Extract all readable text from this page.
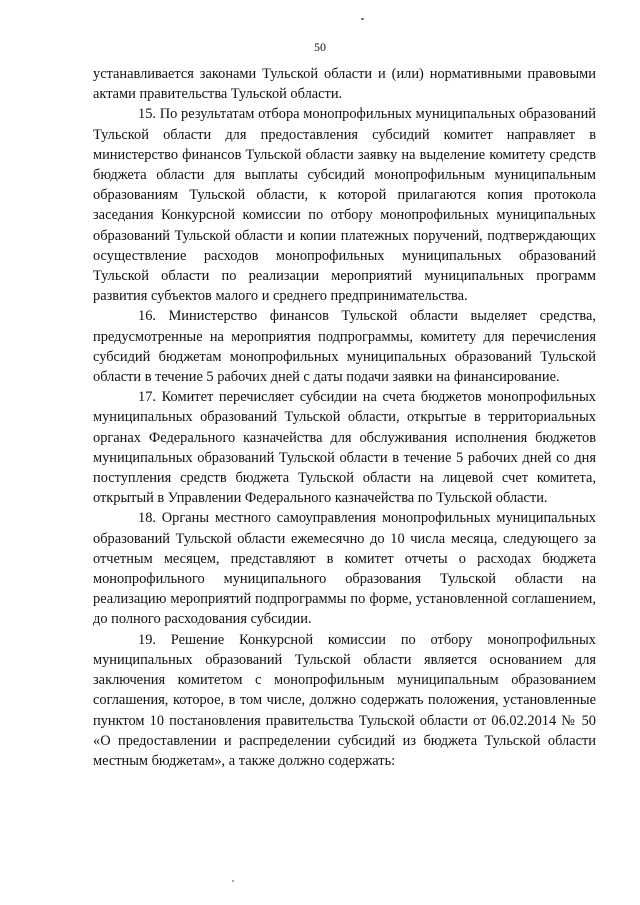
50

устанавливается законами Тульской области и (или) нормативными правовыми актами правительства Тульской области.

15. По результатам отбора монопрофильных муниципальных образований Тульской области для предоставления субсидий комитет направляет в министерство финансов Тульской области заявку на выделение комитету средств бюджета области для выплаты субсидий монопрофильным муниципальным образованиям Тульской области, к которой прилагаются копия протокола заседания Конкурсной комиссии по отбору монопрофильных муниципальных образований Тульской области и копии платежных поручений, подтверждающих осуществление расходов монопрофильных муниципальных образований Тульской области по реализации мероприятий муниципальных программ развития субъектов малого и среднего предпринимательства.

16. Министерство финансов Тульской области выделяет средства, предусмотренные на мероприятия подпрограммы, комитету для перечисления субсидий бюджетам монопрофильных муниципальных образований Тульской области в течение 5 рабочих дней с даты подачи заявки на финансирование.

17. Комитет перечисляет субсидии на счета бюджетов монопрофильных муниципальных образований Тульской области, открытые в территориальных органах Федерального казначейства для обслуживания исполнения бюджетов муниципальных образований Тульской области в течение 5 рабочих дней со дня поступления средств бюджета Тульской области на лицевой счет комитета, открытый в Управлении Федерального казначейства по Тульской области.

18. Органы местного самоуправления монопрофильных муниципальных образований Тульской области ежемесячно до 10 числа месяца, следующего за отчетным месяцем, представляют в комитет отчеты о расходах бюджета монопрофильного муниципального образования Тульской области на реализацию мероприятий подпрограммы по форме, установленной соглашением, до полного расходования субсидии.

19. Решение Конкурсной комиссии по отбору монопрофильных муниципальных образований Тульской области является основанием для заключения комитетом с монопрофильным муниципальным образованием соглашения, которое, в том числе, должно содержать положения, установленные пунктом 10 постановления правительства Тульской области от 06.02.2014 № 50 «О предоставлении и распределении субсидий из бюджета Тульской области местным бюджетам», а также должно содержать:
